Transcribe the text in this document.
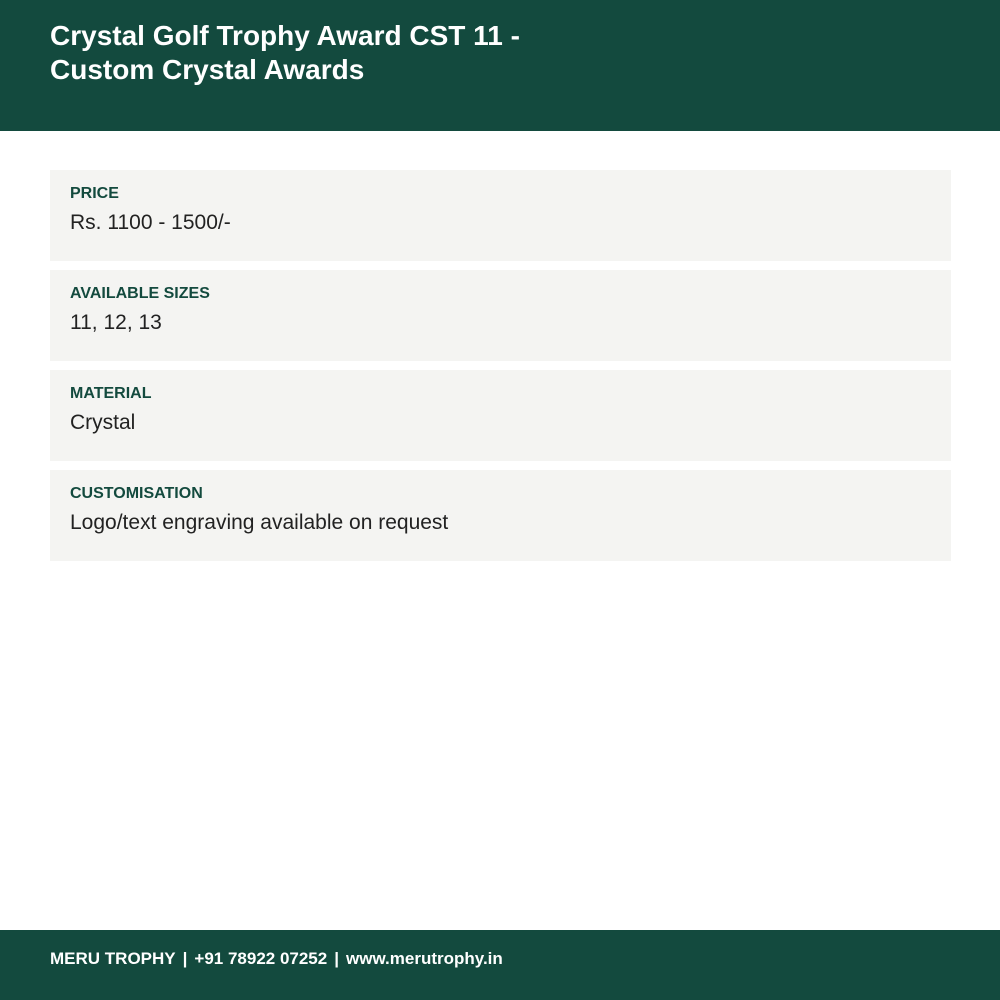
Crystal Golf Trophy Award CST 11 - Custom Crystal Awards
PRICE
Rs. 1100 - 1500/-
AVAILABLE SIZES
11, 12, 13
MATERIAL
Crystal
CUSTOMISATION
Logo/text engraving available on request
MERU TROPHY | +91 78922 07252 | www.merutrophy.in
